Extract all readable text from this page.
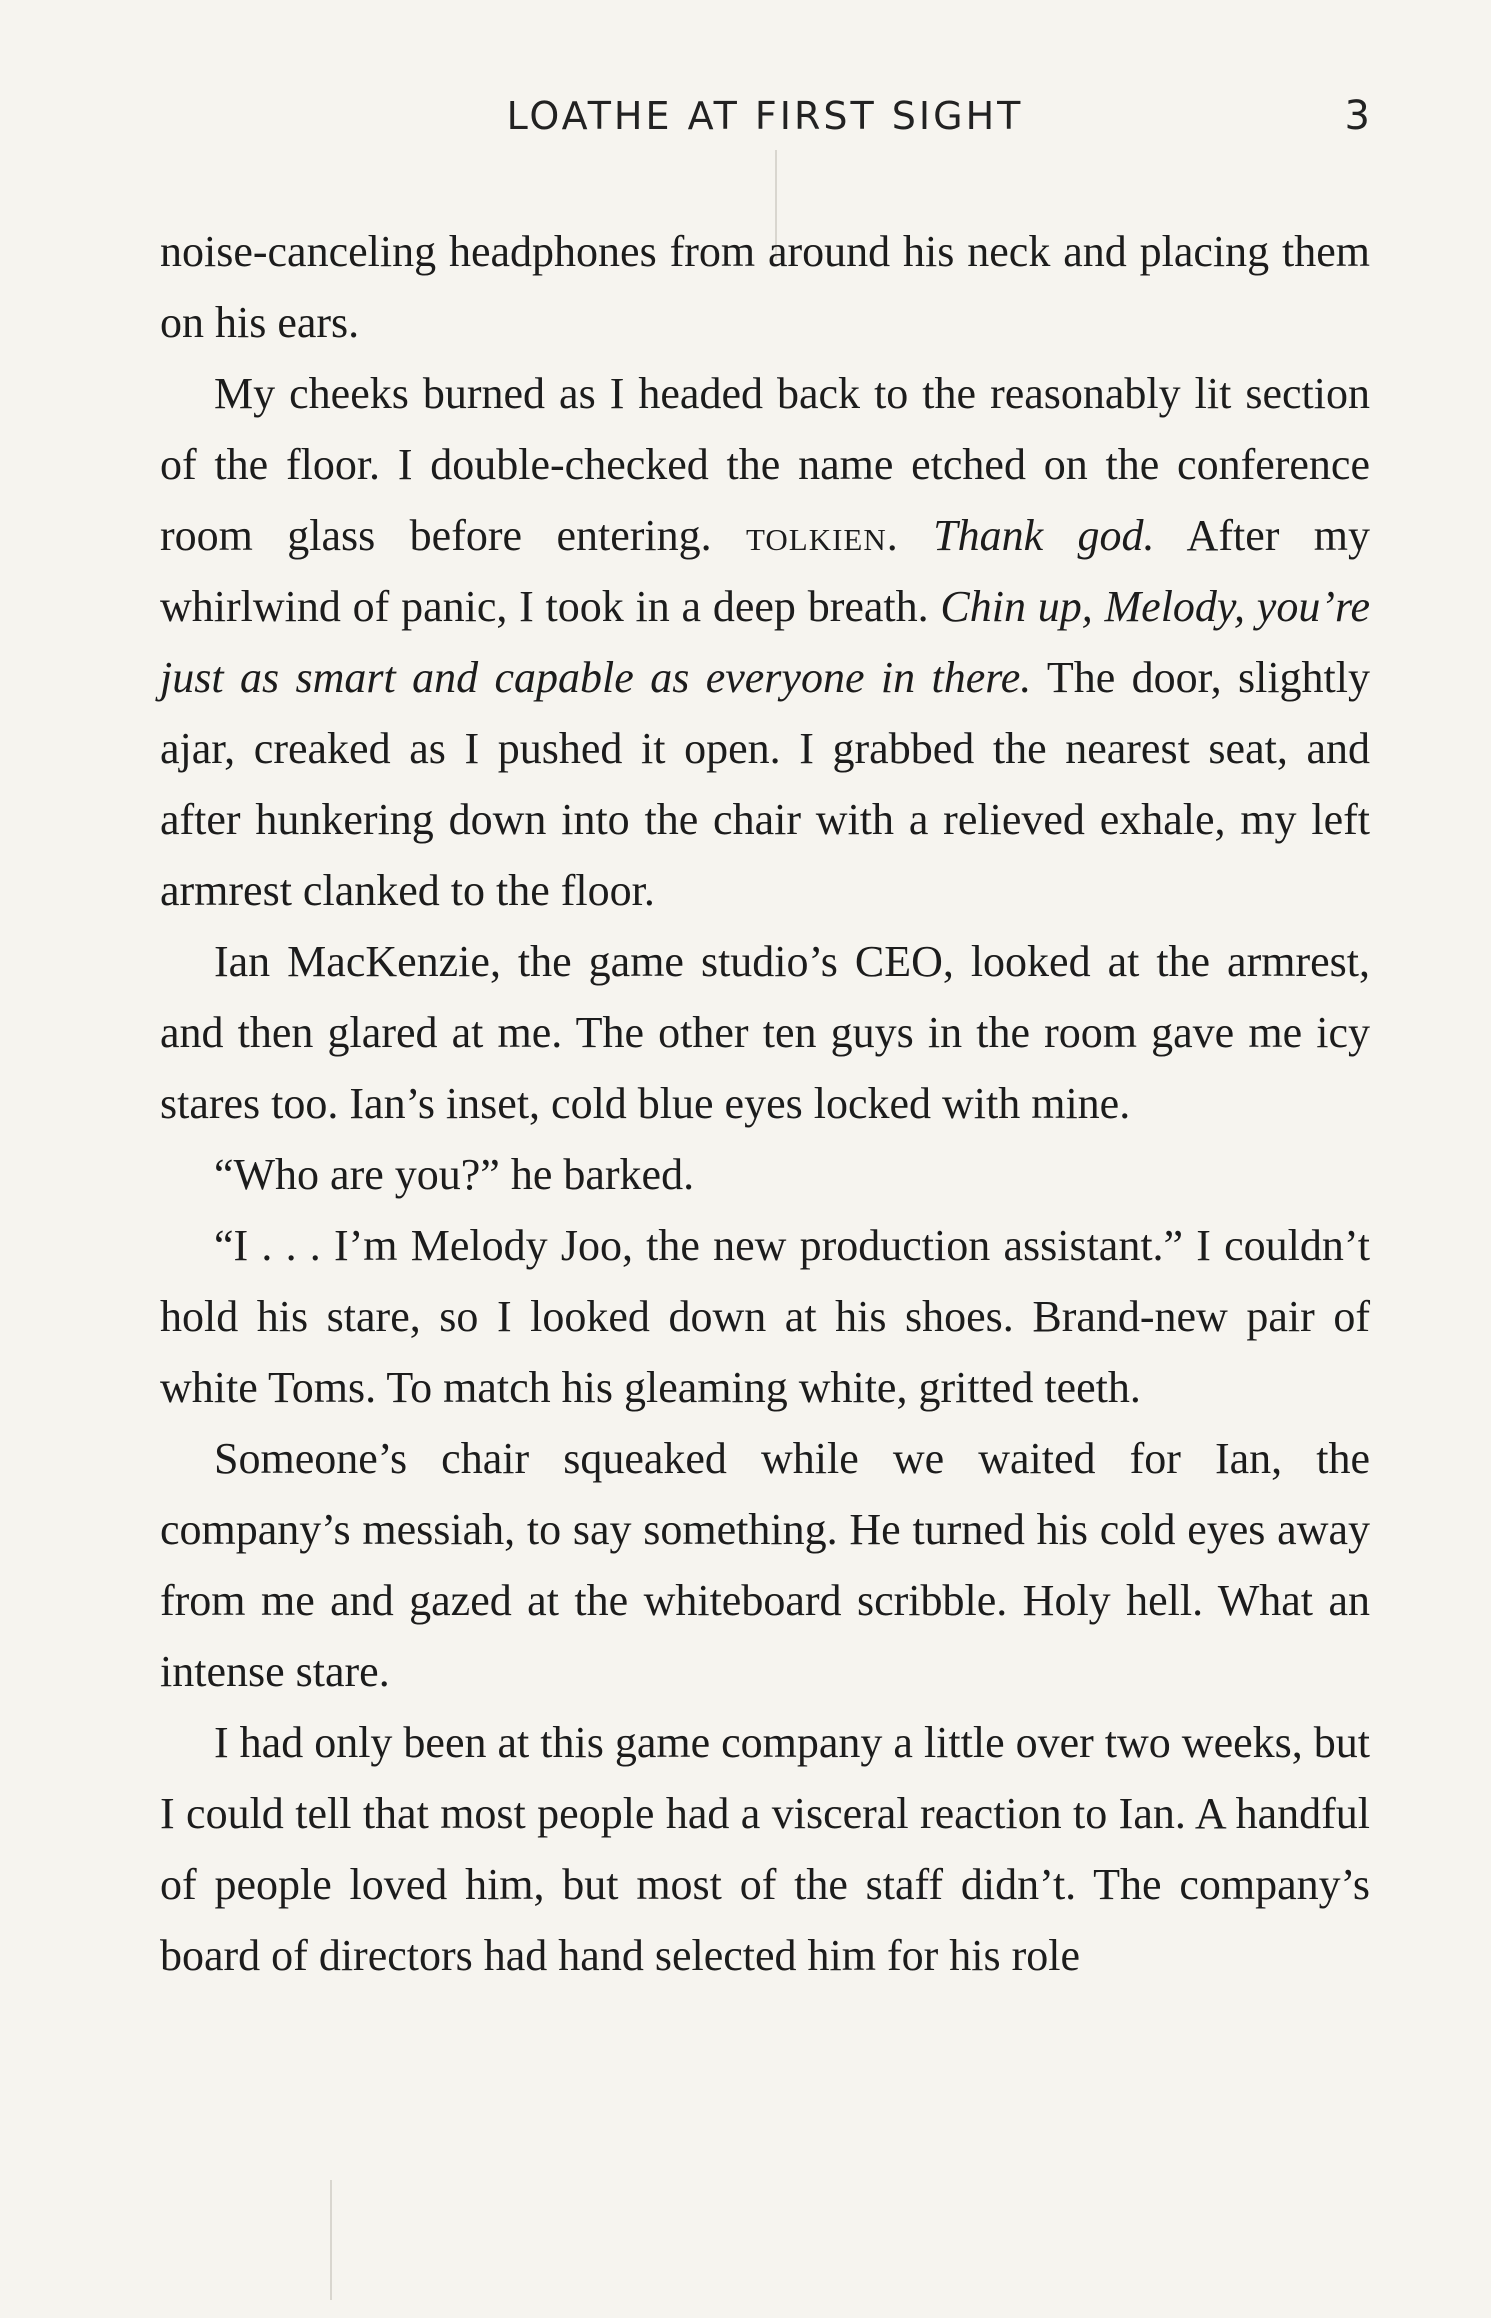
LOATHE AT FIRST SIGHT	3

noise-canceling headphones from around his neck and placing them on his ears.

My cheeks burned as I headed back to the reasonably lit section of the floor. I double-checked the name etched on the conference room glass before entering. tolkien. Thank god. After my whirlwind of panic, I took in a deep breath. Chin up, Melody, you’re just as smart and capable as everyone in there. The door, slightly ajar, creaked as I pushed it open. I grabbed the nearest seat, and after hunkering down into the chair with a relieved exhale, my left armrest clanked to the floor.

Ian MacKenzie, the game studio’s CEO, looked at the armrest, and then glared at me. The other ten guys in the room gave me icy stares too. Ian’s inset, cold blue eyes locked with mine.

“Who are you?” he barked.

“I . . . I’m Melody Joo, the new production assistant.” I couldn’t hold his stare, so I looked down at his shoes. Brand-new pair of white Toms. To match his gleaming white, gritted teeth.

Someone’s chair squeaked while we waited for Ian, the company’s messiah, to say something. He turned his cold eyes away from me and gazed at the whiteboard scribble. Holy hell. What an intense stare.

I had only been at this game company a little over two weeks, but I could tell that most people had a visceral reaction to Ian. A handful of people loved him, but most of the staff didn’t. The company’s board of directors had hand selected him for his role
